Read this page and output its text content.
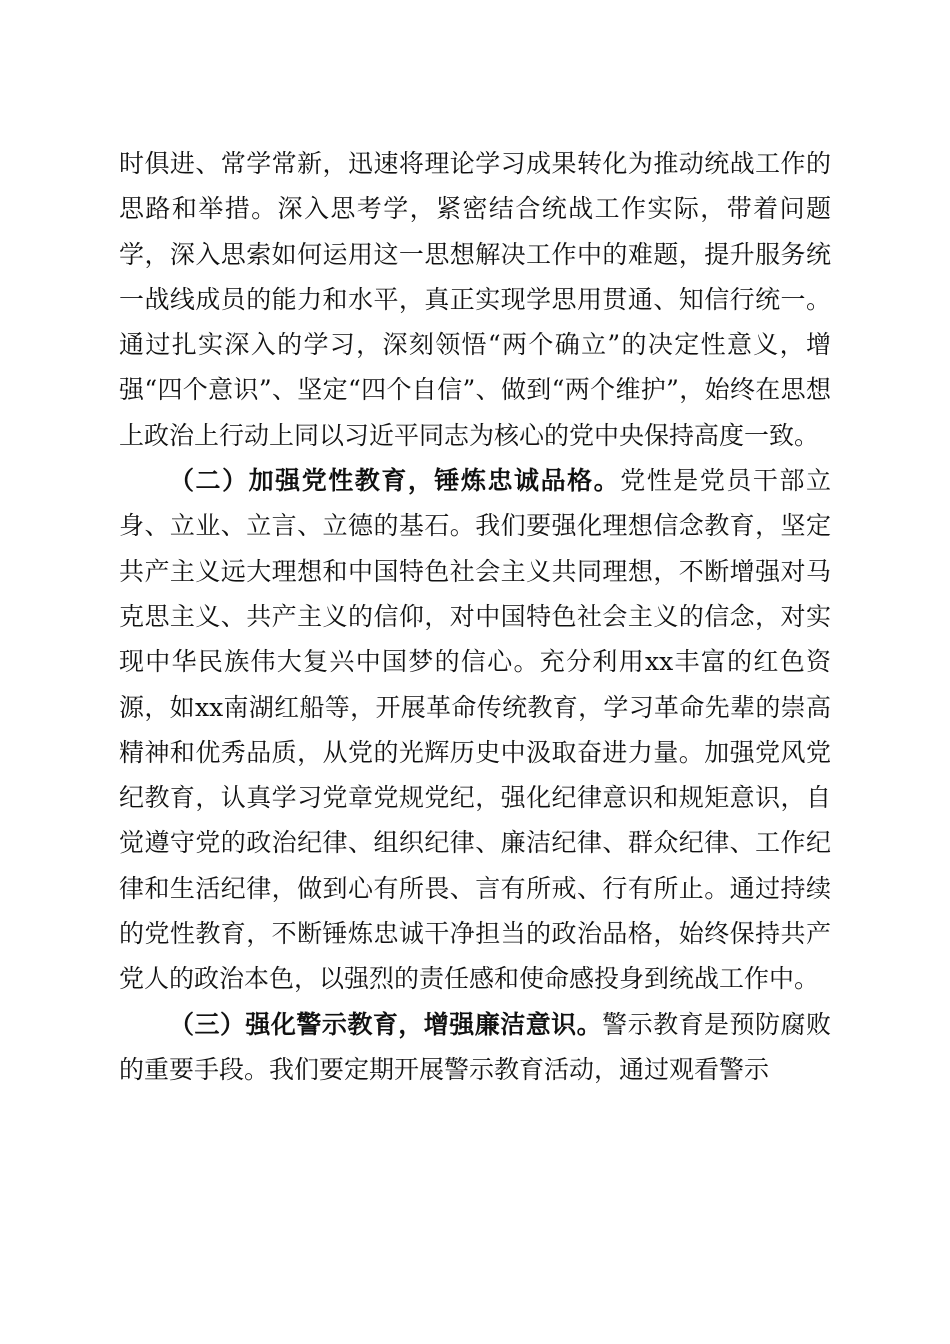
时俱进、常学常新，迅速将理论学习成果转化为推动统战工作的思路和举措。深入思考学，紧密结合统战工作实际，带着问题学，深入思索如何运用这一思想解决工作中的难题，提升服务统一战线成员的能力和水平，真正实现学思用贯通、知信行统一。通过扎实深入的学习，深刻领悟“两个确立”的决定性意义，增强“四个意识”、坚定“四个自信”、做到“两个维护”，始终在思想上政治上行动上同以习近平同志为核心的党中央保持高度一致。

（二）加强党性教育，锤炼忠诚品格。党性是党员干部立身、立业、立言、立德的基石。我们要强化理想信念教育，坚定共产主义远大理想和中国特色社会主义共同理想，不断增强对马克思主义、共产主义的信仰，对中国特色社会主义的信念，对实现中华民族伟大复兴中国梦的信心。充分利用xx丰富的红色资源，如xx南湖红船等，开展革命传统教育，学习革命先辈的崇高精神和优秀品质，从党的光辉历史中汲取奋进力量。加强党风党纪教育，认真学习党章党规党纪，强化纪律意识和规矩意识，自觉遵守党的政治纪律、组织纪律、廉洁纪律、群众纪律、工作纪律和生活纪律，做到心有所畏、言有所戒、行有所止。通过持续的党性教育，不断锤炼忠诚干净担当的政治品格，始终保持共产党人的政治本色，以强烈的责任感和使命感投身到统战工作中。

（三）强化警示教育，增强廉洁意识。警示教育是预防腐败的重要手段。我们要定期开展警示教育活动，通过观看警示
